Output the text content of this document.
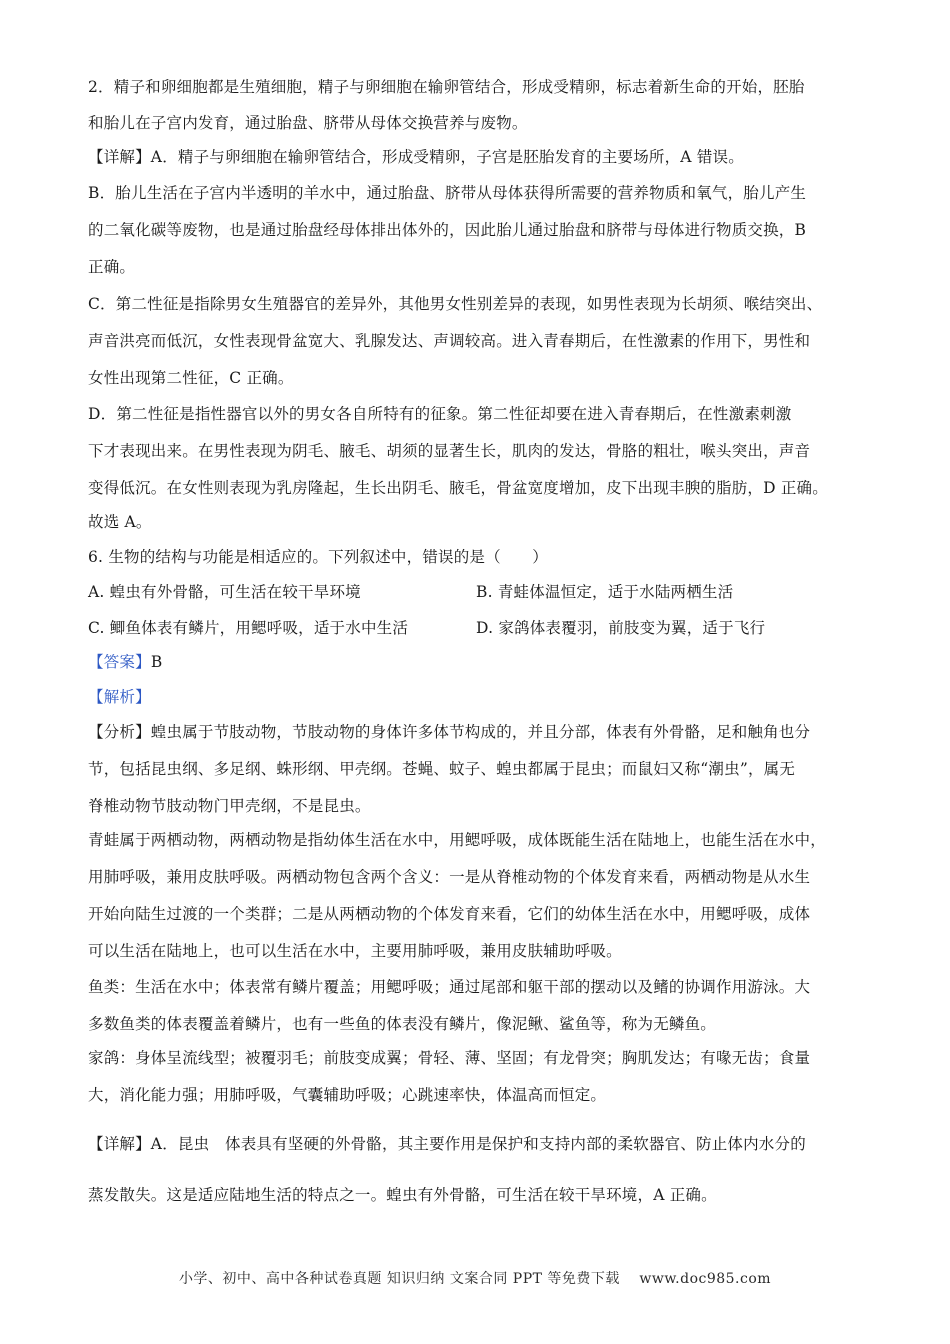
2．精子和卵细胞都是生殖细胞，精子与卵细胞在输卵管结合，形成受精卵，标志着新生命的开始，胚胎
和胎儿在子宫内发育，通过胎盘、脐带从母体交换营养与废物。
【详解】A．精子与卵细胞在输卵管结合，形成受精卵，子宫是胚胎发育的主要场所，A 错误。
B．胎儿生活在子宫内半透明的羊水中，通过胎盘、脐带从母体获得所需要的营养物质和氧气，胎儿产生
的二氧化碳等废物，也是通过胎盘经母体排出体外的，因此胎儿通过胎盘和脐带与母体进行物质交换，B
正确。
C．第二性征是指除男女生殖器官的差异外，其他男女性别差异的表现，如男性表现为长胡须、喉结突出、
声音洪亮而低沉，女性表现骨盆宽大、乳腺发达、声调较高。进入青春期后，在性激素的作用下，男性和
女性出现第二性征，C 正确。
D．第二性征是指性器官以外的男女各自所特有的征象。第二性征却要在进入青春期后，在性激素刺激
下才表现出来。在男性表现为阴毛、腋毛、胡须的显著生长，肌肉的发达，骨胳的粗壮，喉头突出，声音
变得低沉。在女性则表现为乳房隆起，生长出阴毛、腋毛，骨盆宽度增加，皮下出现丰腴的脂肪，D 正确。
故选 A。
6. 生物的结构与功能是相适应的。下列叙述中，错误的是（　　）
A. 蝗虫有外骨骼，可生活在较干旱环境	B. 青蛙体温恒定，适于水陆两栖生活
C. 鲫鱼体表有鳞片，用鳃呼吸，适于水中生活	D. 家鸽体表覆羽，前肢变为翼，适于飞行
【答案】B
【解析】
【分析】蝗虫属于节肢动物，节肢动物的身体许多体节构成的，并且分部，体表有外骨骼，足和触角也分
节，包括昆虫纲、多足纲、蛛形纲、甲壳纲。苍蝇、蚊子、蝗虫都属于昆虫；而鼠妇又称“潮虫”，属无
脊椎动物节肢动物门甲壳纲，不是昆虫。
青蛙属于两栖动物，两栖动物是指幼体生活在水中，用鳃呼吸，成体既能生活在陆地上，也能生活在水中，
用肺呼吸，兼用皮肤呼吸。两栖动物包含两个含义：一是从脊椎动物的个体发育来看，两栖动物是从水生
开始向陆生过渡的一个类群；二是从两栖动物的个体发育来看，它们的幼体生活在水中，用鳃呼吸，成体
可以生活在陆地上，也可以生活在水中，主要用肺呼吸，兼用皮肤辅助呼吸。
鱼类：生活在水中；体表常有鳞片覆盖；用鳃呼吸；通过尾部和躯干部的摆动以及鳍的协调作用游泳。大
多数鱼类的体表覆盖着鳞片，也有一些鱼的体表没有鳞片，像泥鳅、鲨鱼等，称为无鳞鱼。
家鸽：身体呈流线型；被覆羽毛；前肢变成翼；骨轻、薄、坚固；有龙骨突；胸肌发达；有喙无齿；食量
大，消化能力强；用肺呼吸，气囊辅助呼吸；心跳速率快，体温高而恒定。
【详解】A．昆虫　体表具有坚硬的外骨骼，其主要作用是保护和支持内部的柔软器官、防止体内水分的
蒸发散失。这是适应陆地生活的特点之一。蝗虫有外骨骼，可生活在较干旱环境，A 正确。
小学、初中、高中各种试卷真题 知识归纳 文案合同 PPT 等免费下载　 www.doc985.com
